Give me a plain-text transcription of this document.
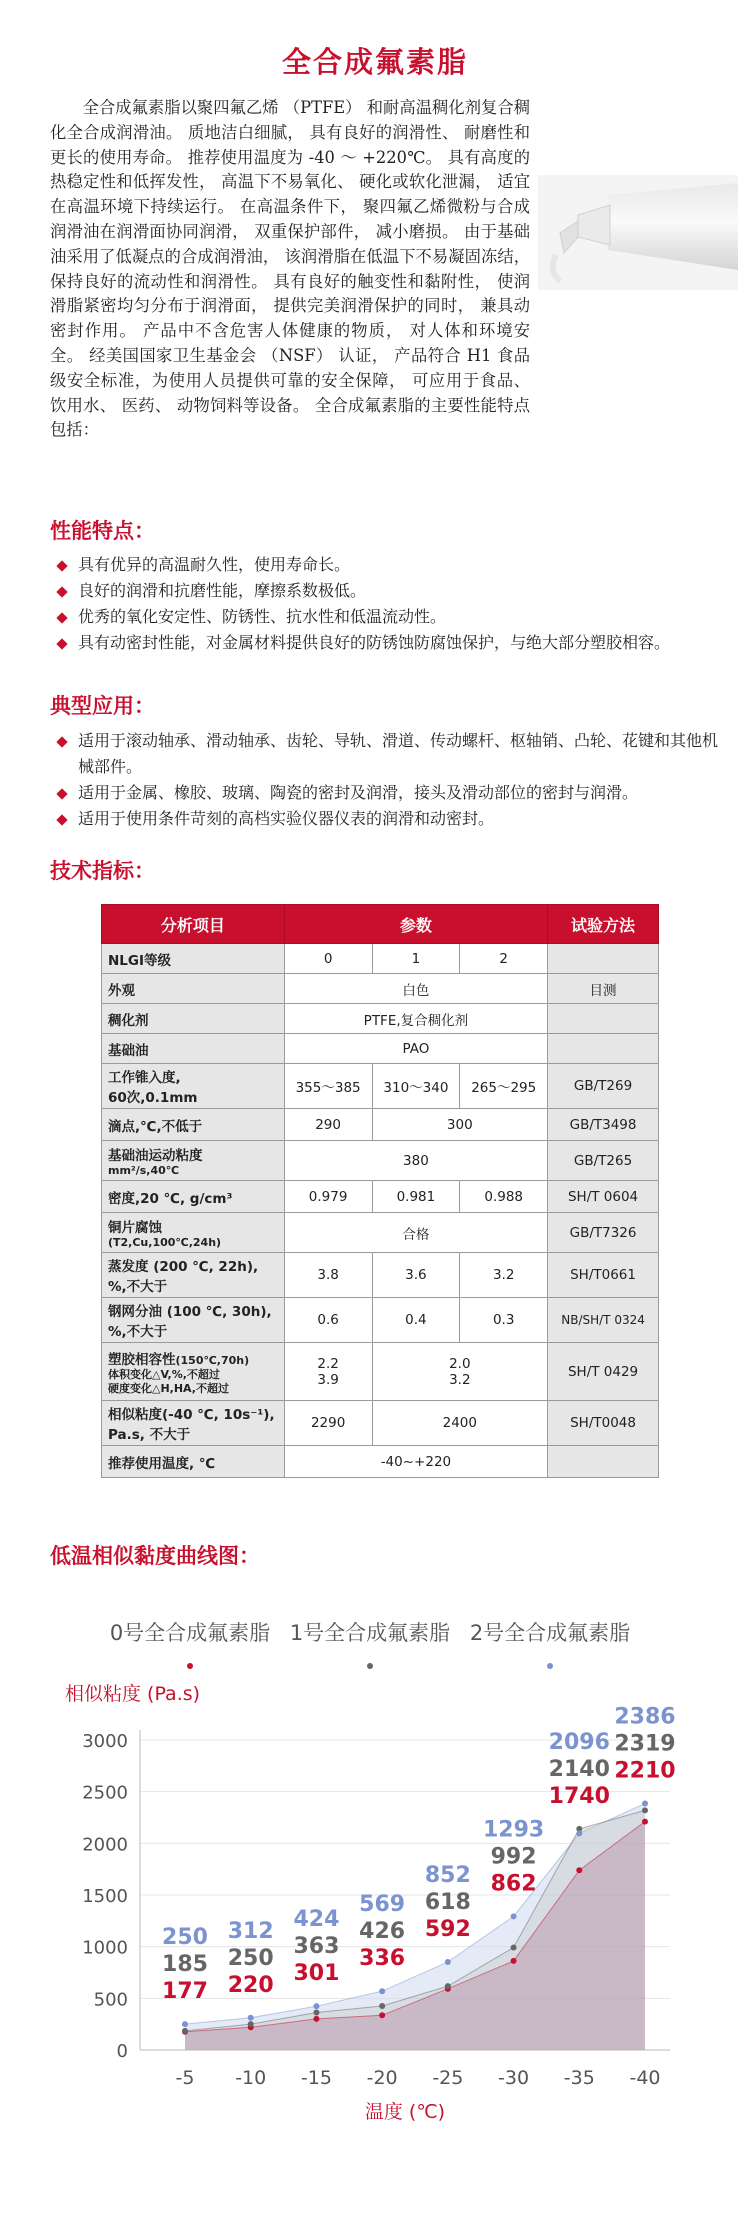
全合成氟素脂

全合成氟素脂以聚四氟乙烯 （PTFE） 和耐高温稠化剂复合稠化全合成润滑油。 质地洁白细腻， 具有良好的润滑性、 耐磨性和更长的使用寿命。 推荐使用温度为 -40 ～ +220℃。 具有高度的热稳定性和低挥发性， 高温下不易氧化、 硬化或软化泄漏， 适宜在高温环境下持续运行。 在高温条件下， 聚四氟乙烯微粉与合成润滑油在润滑面协同润滑， 双重保护部件， 减小磨损。 由于基础油采用了低凝点的合成润滑油， 该润滑脂在低温下不易凝固冻结， 保持良好的流动性和润滑性。 具有良好的触变性和黏附性， 使润滑脂紧密均匀分布于润滑面， 提供完美润滑保护的同时， 兼具动密封作用。 产品中不含危害人体健康的物质， 对人体和环境安全。 经美国国家卫生基金会 （NSF） 认证， 产品符合 H1 食品级安全标准，为使用人员提供可靠的安全保障， 可应用于食品、 饮用水、 医药、 动物饲料等设备。 全合成氟素脂的主要性能特点包括：

性能特点：
具有优异的高温耐久性，使用寿命长。
良好的润滑和抗磨性能，摩擦系数极低。
优秀的氧化安定性、防锈性、抗水性和低温流动性。
具有动密封性能，对金属材料提供良好的防锈蚀防腐蚀保护，与绝大部分塑胶相容。
典型应用：
适用于滚动轴承、滑动轴承、齿轮、导轨、滑道、传动螺杆、枢轴销、凸轮、花键和其他机械部件。
适用于金属、橡胶、玻璃、陶瓷的密封及润滑，接头及滑动部位的密封与润滑。
适用于使用条件苛刻的高档实验仪器仪表的润滑和动密封。
技术指标：
分析项目	参数			试验方法
NLGI等级	0	1	2	
外观	白色			目测
稠化剂	PTFE,复合稠化剂			
基础油	PAO			
工作锥入度,
60次,0.1mm	355～385	310～340	265～295	GB/T269
滴点,℃,不低于	290	300		GB/T3498
基础油运动粘度
mm²/s,40℃	380			GB/T265
密度,20 ℃, g/cm³	0.979	0.981	0.988	SH/T 0604
铜片腐蚀
(T2,Cu,100℃,24h)	合格			GB/T7326
蒸发度 (200 ℃, 22h),
%,不大于	3.8	3.6	3.2	SH/T0661
钢网分油 (100 ℃, 30h),
%,不大于	0.6	0.4	0.3	NB/SH/T 0324
塑胶相容性(150℃,70h)
体积变化△V,%,不超过
硬度变化△H,HA,不超过	2.2
3.9	2.0
3.2		SH/T 0429
相似粘度(-40 ℃, 10s⁻¹),
Pa.s, 不大于	2290	2400		SH/T0048
推荐使用温度, ℃	-40~+220			
低温相似黏度曲线图：
0号全合成氟素脂 1号全合成氟素脂 2号全合成氟素脂
相似粘度 (Pa.s)
0
500
1000
1500
2000
2500
3000
250
185
177
312
250
220
424
363
301
569
426
336
852
618
592
1293
992
862
2096
2140
1740
2386
2319
2210
-5 -10 -15 -20 -25 -30 -35 -40
温度 (℃)
